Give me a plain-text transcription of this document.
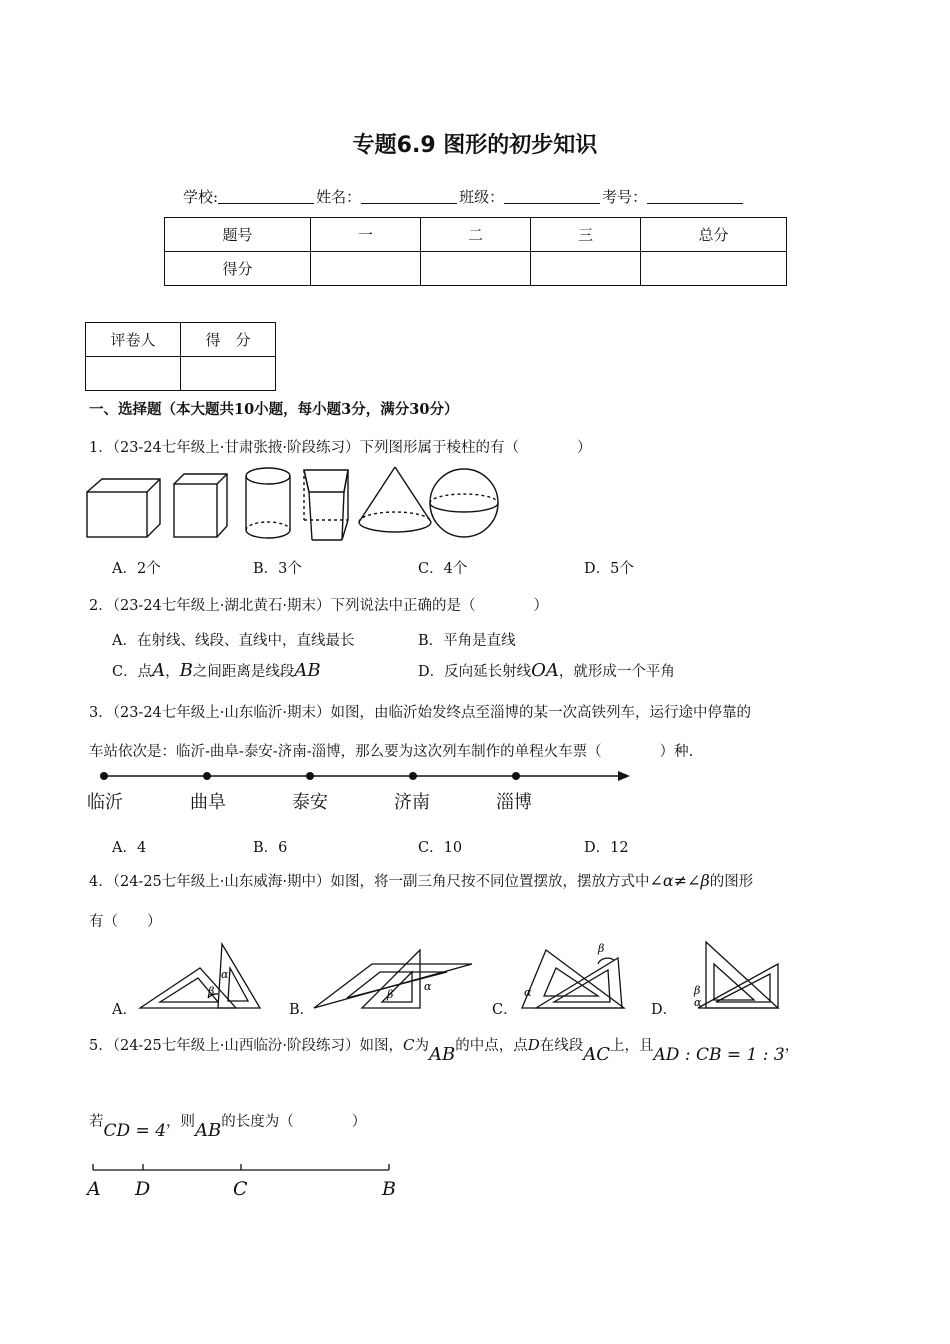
专题6.9 图形的初步知识
学校:	姓名：	班级：	考号：
题号	一	二	三	总分
得分				
评卷人	得　分

一、选择题（本大题共10小题，每小题3分，满分30分）
1．（23-24七年级上·甘肃张掖·阶段练习）下列图形属于棱柱的有（　　　　）
A．2个	B．3个	C．4个	D．5个
2．（23-24七年级上·湖北黄石·期末）下列说法中正确的是（　　　　）
A．在射线、线段、直线中，直线最长	B．平角是直线
C．点A，B之间距离是线段AB	D．反向延长射线OA，就形成一个平角
3．（23-24七年级上·山东临沂·期末）如图，由临沂始发终点至淄博的某一次高铁列车，运行途中停靠的
车站依次是：临沂-曲阜-泰安-济南-淄博，那么要为这次列车制作的单程火车票（　　　　）种.
临沂	曲阜	泰安	济南	淄博
A．4	B．6	C．10	D．12
4．（24-25七年级上·山东威海·期中）如图，将一副三角尺按不同位置摆放，摆放方式中∠α≠∠β的图形
有（　　）
A．	B．	C．	D．
β
α
β
α
β
α	β
α
5．（24-25七年级上·山西临汾·阶段练习）如图，C为AB的中点，点D在线段AC上，且AD : CB = 1 : 3，
若CD = 4，则AB的长度为（　　　　）
A D	C	B
